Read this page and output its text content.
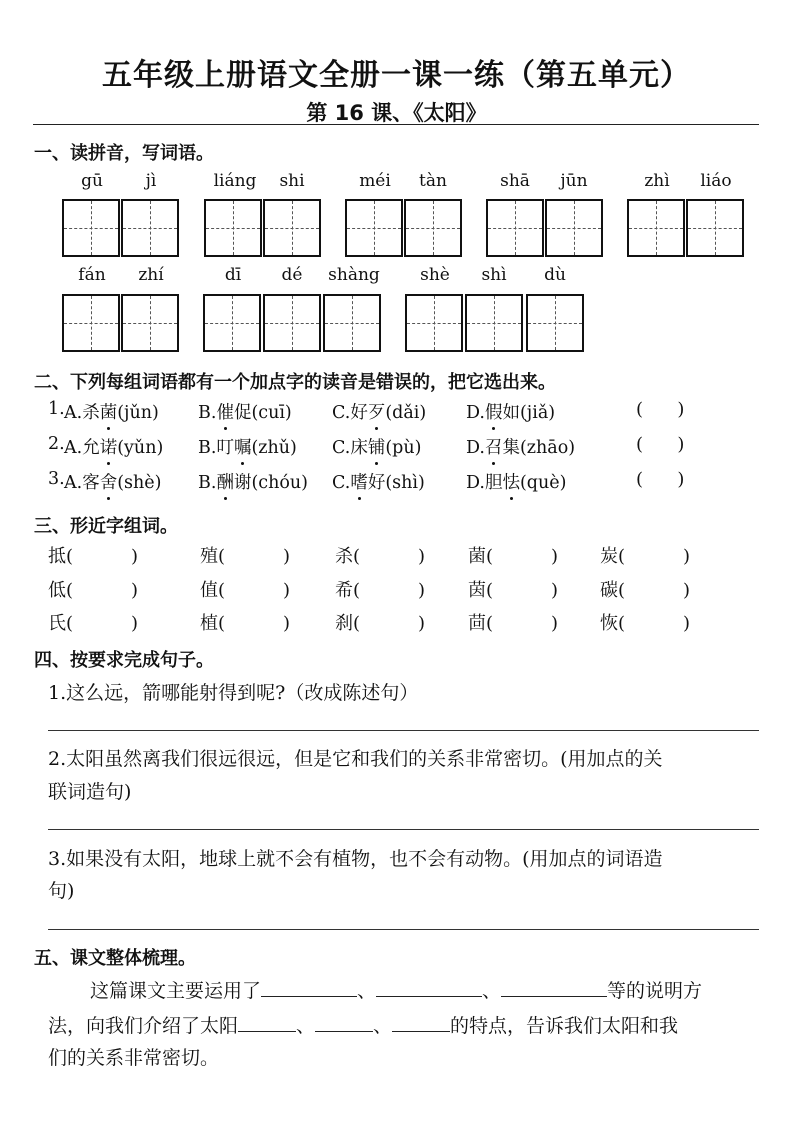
五年级上册语文全册一课一练（第五单元）
第 16 课、《太阳》
一、读拼音，写词语。
gū	jì	liáng	shi	méi	tàn	shā	jūn	zhì	liáo
fán	zhí	dī	dé	shàng	shè	shì	dù
二、下列每组词语都有一个加点字的读音是错误的，把它选出来。
1. A.杀菌(jǔn) B.催促(cuī) C.好歹(dǎi) D.假如(jiǎ)	(      )
2. A.允诺(yǔn) B.叮嘱(zhǔ) C.床铺(pù)	D.召集(zhāo)	(      )
3. A.客舍(shè) B.酬谢(chóu) C.嗜好(shì) D.胆怯(què)	(      )
三、形近字组词。
抵(	)	殖(	) 杀(	) 菌(	) 炭(	)
低(	)	值(	) 希(	) 茵(	) 碳(	)
氏(	)	植(	) 刹(	) 茴(	) 恢(	)
四、按要求完成句子。
1.这么远，箭哪能射得到呢?（改成陈述句）
2.太阳虽然离我们很远很远，但是它和我们的关系非常密切。(用加点的关
联词造句)
3.如果没有太阳，地球上就不会有植物，也不会有动物。(用加点的词语造
句)
五、课文整体梳理。
这篇课文主要运用了	、	、	等的说明方
法，向我们介绍了太阳	、	、	的特点，告诉我们太阳和我
们的关系非常密切。
